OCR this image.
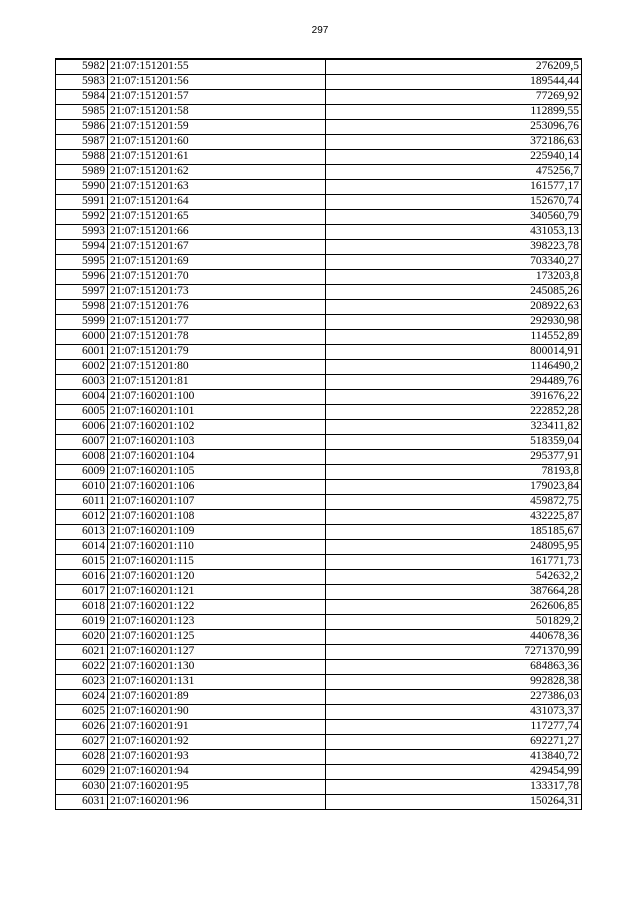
297
5982	21:07:151201:55	276209,5
5983	21:07:151201:56	189544,44
5984	21:07:151201:57	77269,92
5985	21:07:151201:58	112899,55
5986	21:07:151201:59	253096,76
5987	21:07:151201:60	372186,63
5988	21:07:151201:61	225940,14
5989	21:07:151201:62	475256,7
5990	21:07:151201:63	161577,17
5991	21:07:151201:64	152670,74
5992	21:07:151201:65	340560,79
5993	21:07:151201:66	431053,13
5994	21:07:151201:67	398223,78
5995	21:07:151201:69	703340,27
5996	21:07:151201:70	173203,8
5997	21:07:151201:73	245085,26
5998	21:07:151201:76	208922,63
5999	21:07:151201:77	292930,98
6000	21:07:151201:78	114552,89
6001	21:07:151201:79	800014,91
6002	21:07:151201:80	1146490,2
6003	21:07:151201:81	294489,76
6004	21:07:160201:100	391676,22
6005	21:07:160201:101	222852,28
6006	21:07:160201:102	323411,82
6007	21:07:160201:103	518359,04
6008	21:07:160201:104	295377,91
6009	21:07:160201:105	78193,8
6010	21:07:160201:106	179023,84
6011	21:07:160201:107	459872,75
6012	21:07:160201:108	432225,87
6013	21:07:160201:109	185185,67
6014	21:07:160201:110	248095,95
6015	21:07:160201:115	161771,73
6016	21:07:160201:120	542632,2
6017	21:07:160201:121	387664,28
6018	21:07:160201:122	262606,85
6019	21:07:160201:123	501829,2
6020	21:07:160201:125	440678,36
6021	21:07:160201:127	7271370,99
6022	21:07:160201:130	684863,36
6023	21:07:160201:131	992828,38
6024	21:07:160201:89	227386,03
6025	21:07:160201:90	431073,37
6026	21:07:160201:91	117277,74
6027	21:07:160201:92	692271,27
6028	21:07:160201:93	413840,72
6029	21:07:160201:94	429454,99
6030	21:07:160201:95	133317,78
6031	21:07:160201:96	150264,31
